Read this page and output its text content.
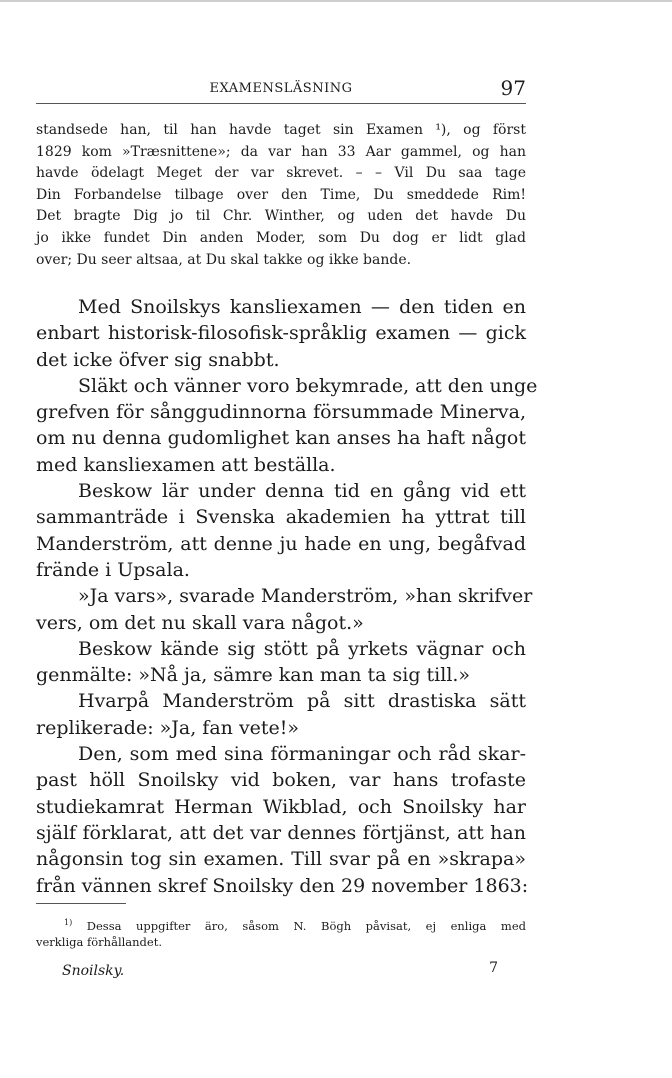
EXAMENSLÄSNING	97
standsede han, til han havde taget sin Examen ¹), og först
1829 kom »Træsnittene»; da var han 33 Aar gammel, og han
havde ödelagt Meget der var skrevet. – – Vil Du saa tage
Din Forbandelse tilbage over den Time, Du smeddede Rim!
Det bragte Dig jo til Chr. Winther, og uden det havde Du
jo ikke fundet Din anden Moder, som Du dog er lidt glad
over; Du seer altsaa, at Du skal takke og ikke bande.
Med Snoilskys kansliexamen — den tiden en
enbart historisk-filosofisk-språklig examen — gick
det icke öfver sig snabbt.
Släkt och vänner voro bekymrade, att den unge
grefven för sånggudinnorna försummade Minerva,
om nu denna gudomlighet kan anses ha haft något
med kansliexamen att beställa.
Beskow lär under denna tid en gång vid ett
sammanträde i Svenska akademien ha yttrat till
Manderström, att denne ju hade en ung, begåfvad
frände i Upsala.
»Ja vars», svarade Manderström, »han skrifver
vers, om det nu skall vara något.»
Beskow kände sig stött på yrkets vägnar och
genmälte: »Nå ja, sämre kan man ta sig till.»
Hvarpå Manderström på sitt drastiska sätt
replikerade: »Ja, fan vete!»
Den, som med sina förmaningar och råd skar-
past höll Snoilsky vid boken, var hans trofaste
studiekamrat Herman Wikblad, och Snoilsky har
själf förklarat, att det var dennes förtjänst, att han
någonsin tog sin examen. Till svar på en »skrapa»
från vännen skref Snoilsky den 29 november 1863:
$^{1)}$ Dessa uppgifter äro, såsom N. Bögh påvisat, ej enliga med
verkliga förhållandet.
Snoilsky.	7
